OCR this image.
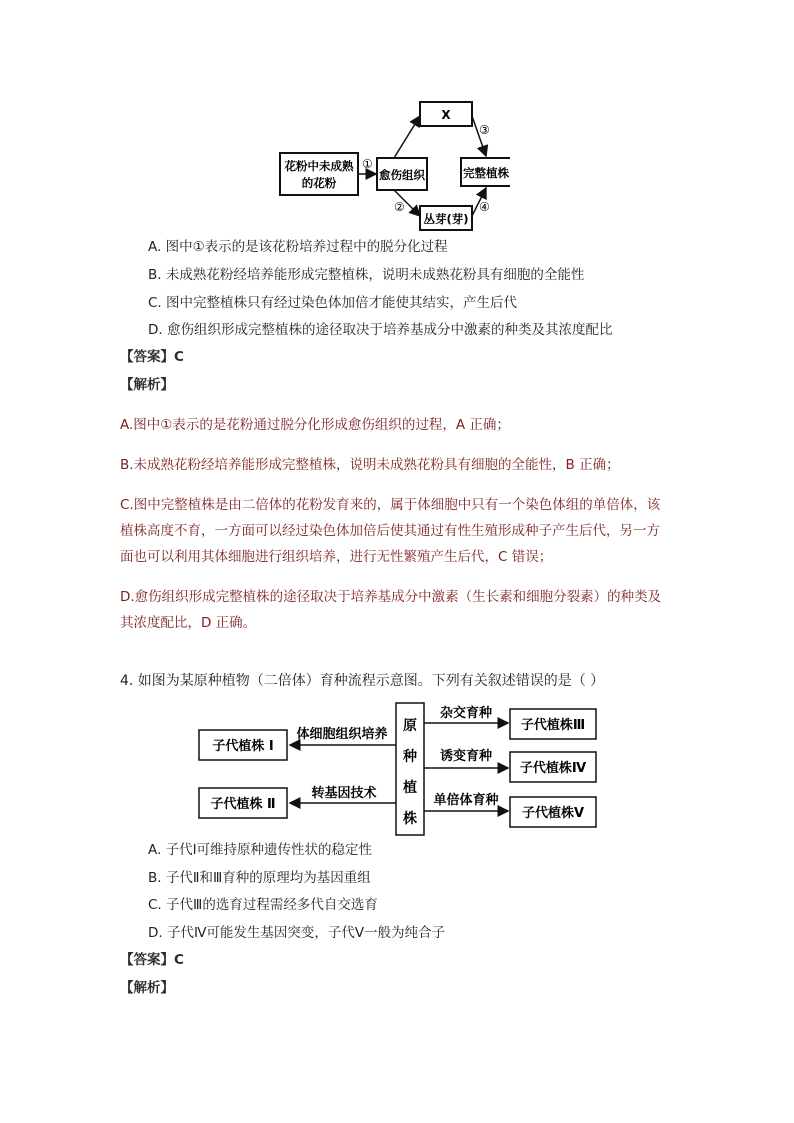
花粉中未成熟
的花粉
①
愈伤组织
X
完整植株
丛芽(芽)
②
③
④
A. 图中①表示的是该花粉培养过程中的脱分化过程
B. 未成熟花粉经培养能形成完整植株，说明未成熟花粉具有细胞的全能性
C. 图中完整植株只有经过染色体加倍才能使其结实，产生后代
D. 愈伤组织形成完整植株的途径取决于培养基成分中激素的种类及其浓度配比
【答案】C
【解析】

A.图中①表示的是花粉通过脱分化形成愈伤组织的过程，A 正确；

B.未成熟花粉经培养能形成完整植株，说明未成熟花粉具有细胞的全能性，B 正确；

C.图中完整植株是由二倍体的花粉发育来的，属于体细胞中只有一个染色体组的单倍体，该

植株高度不育，一方面可以经过染色体加倍后使其通过有性生殖形成种子产生后代，另一方

面也可以利用其体细胞进行组织培养，进行无性繁殖产生后代，C 错误；

D.愈伤组织形成完整植株的途径取决于培养基成分中激素（生长素和细胞分裂素）的种类及

其浓度配比，D 正确。

4. 如图为某原种植物（二倍体）育种流程示意图。下列有关叙述错误的是（ ）
原
种
植
株
子代植株 Ⅰ
体细胞组织培养
子代植株 Ⅱ
转基因技术
杂交育种
子代植株Ⅲ
诱变育种
子代植株Ⅳ
单倍体育种
子代植株Ⅴ
A. 子代Ⅰ可维持原种遗传性状的稳定性
B. 子代Ⅱ和Ⅲ育种的原理均为基因重组
C. 子代Ⅲ的选育过程需经多代自交选育
D. 子代Ⅳ可能发生基因突变，子代Ⅴ一般为纯合子
【答案】C
【解析】
